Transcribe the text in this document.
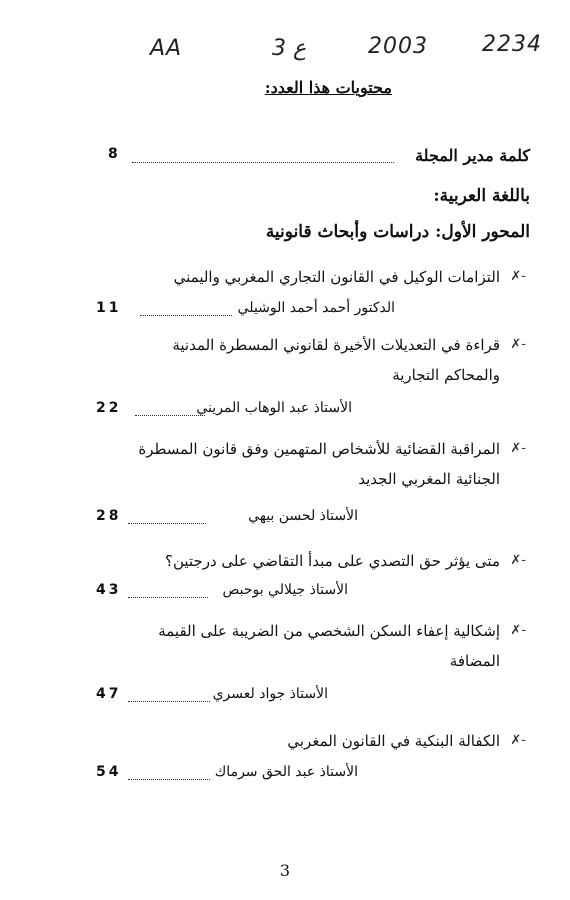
AA	3 ع	2003 2234
محتويات هذا العدد:
كلمة مدير المجلة
8
باللغة العربية:
المحور الأول: دراسات وأبحاث قانونية
-✗
التزامات الوكيل في القانون التجاري المغربي واليمني
الدكتور أحمد أحمد الوشيلي
11
-✗
قراءة في التعديلات الأخيرة لقانوني المسطرة المدنية
والمحاكم التجارية
الأستاذ عبد الوهاب المريني
22
-✗
المراقبة القضائية للأشخاص المتهمين وفق قانون المسطرة
الجنائية المغربي الجديد
الأستاذ لحسن بيهي
28
-✗
متى يؤثر حق التصدي على مبدأ التقاضي على درجتين؟
الأستاذ جيلالي بوحبص
43
-✗
إشكالية إعفاء السكن الشخصي من الضريبة على القيمة
المضافة
الأستاذ جواد لعسري
47
-✗
الكفالة البنكية في القانون المغربي
الأستاذ عبد الحق سرماك
54
3
